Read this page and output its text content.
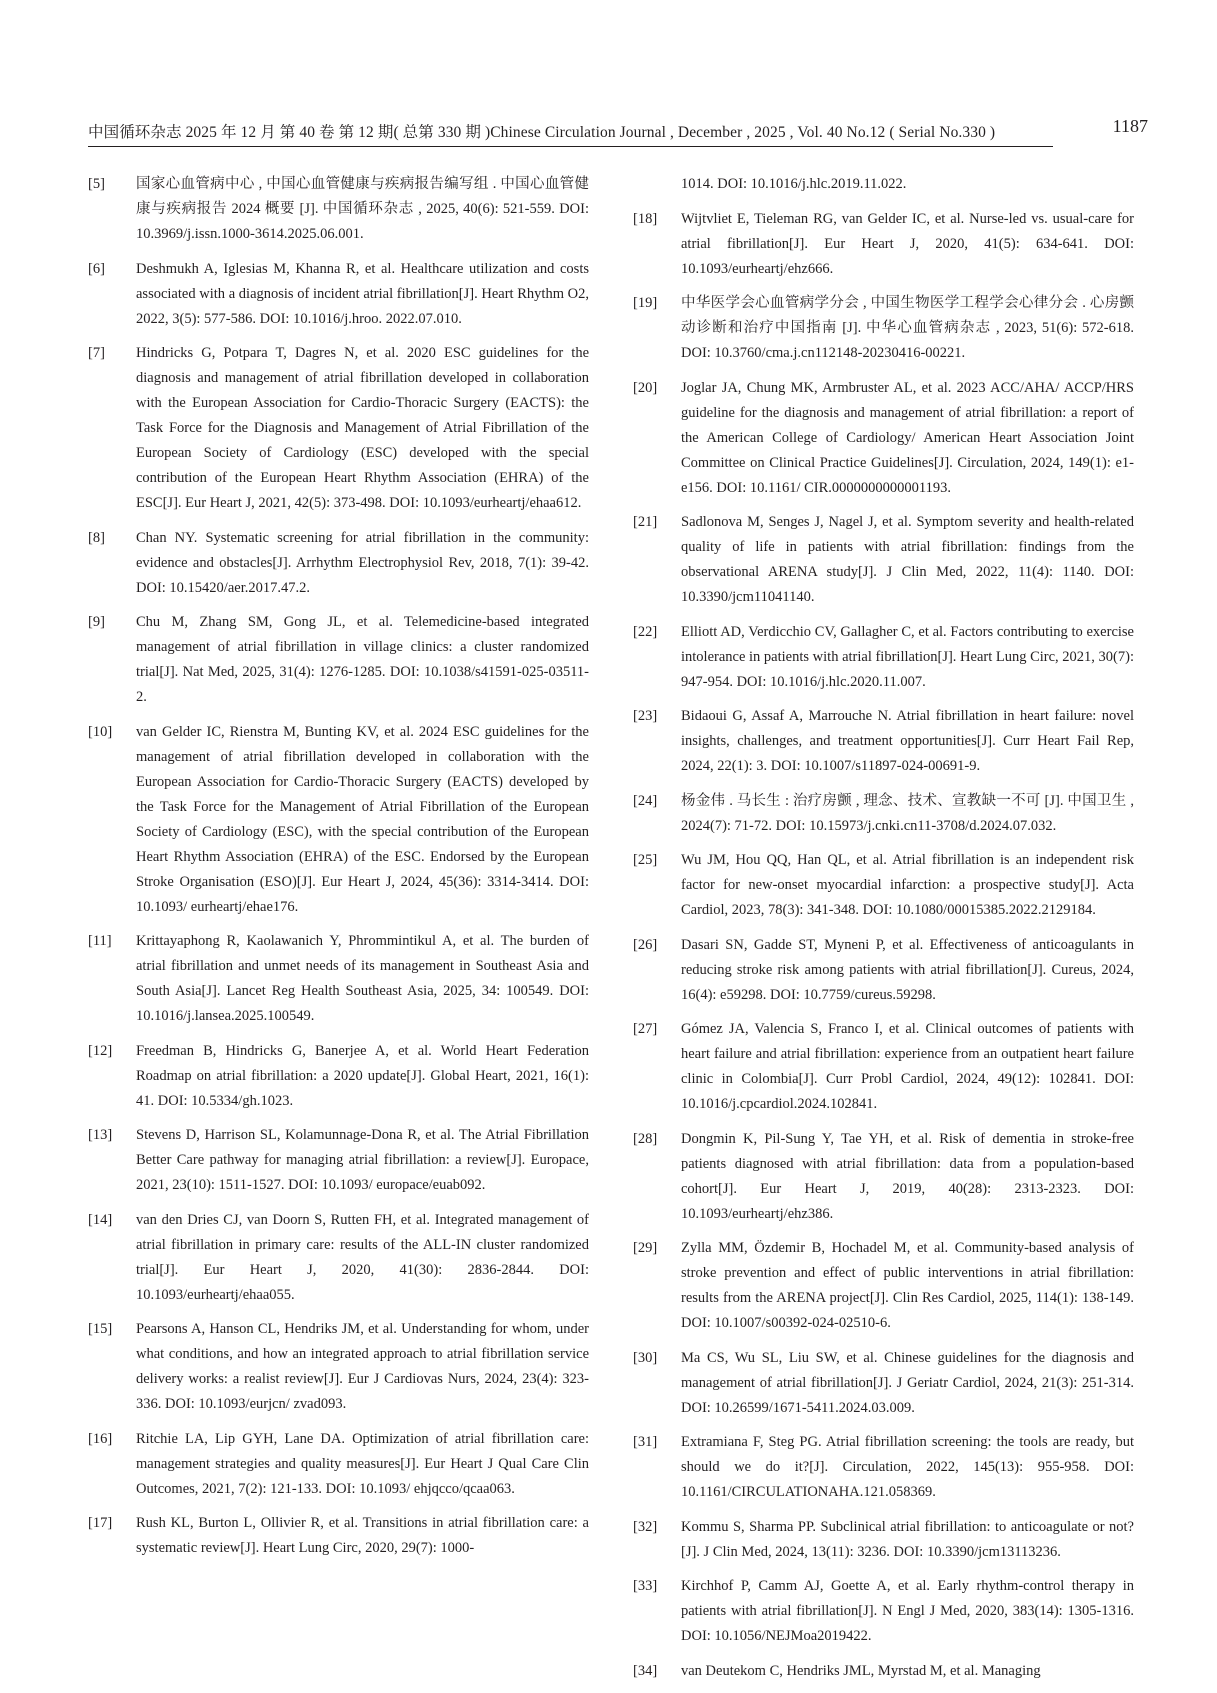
中国循环杂志 2025 年 12 月 第 40 卷 第 12 期( 总第 330 期 )Chinese Circulation Journal , December , 2025 , Vol. 40 No.12 ( Serial No.330 )	1187
[5] 国家心血管病中心 , 中国心血管健康与疾病报告编写组 . 中国心血管健康与疾病报告 2024 概要 [J]. 中国循环杂志 , 2025, 40(6): 521-559. DOI: 10.3969/j.issn.1000-3614.2025.06.001.
[6] Deshmukh A, Iglesias M, Khanna R, et al. Healthcare utilization and costs associated with a diagnosis of incident atrial fibrillation[J]. Heart Rhythm O2, 2022, 3(5): 577-586. DOI: 10.1016/j.hroo. 2022.07.010.
[7] Hindricks G, Potpara T, Dagres N, et al. 2020 ESC guidelines for the diagnosis and management of atrial fibrillation developed in collaboration with the European Association for Cardio-Thoracic Surgery (EACTS): the Task Force for the Diagnosis and Management of Atrial Fibrillation of the European Society of Cardiology (ESC) developed with the special contribution of the European Heart Rhythm Association (EHRA) of the ESC[J]. Eur Heart J, 2021, 42(5): 373-498. DOI: 10.1093/eurheartj/ehaa612.
[8] Chan NY. Systematic screening for atrial fibrillation in the community: evidence and obstacles[J]. Arrhythm Electrophysiol Rev, 2018, 7(1): 39-42. DOI: 10.15420/aer.2017.47.2.
[9] Chu M, Zhang SM, Gong JL, et al. Telemedicine-based integrated management of atrial fibrillation in village clinics: a cluster randomized trial[J]. Nat Med, 2025, 31(4): 1276-1285. DOI: 10.1038/s41591-025-03511-2.
[10] van Gelder IC, Rienstra M, Bunting KV, et al. 2024 ESC guidelines for the management of atrial fibrillation developed in collaboration with the European Association for Cardio-Thoracic Surgery (EACTS) developed by the Task Force for the Management of Atrial Fibrillation of the European Society of Cardiology (ESC), with the special contribution of the European Heart Rhythm Association (EHRA) of the ESC. Endorsed by the European Stroke Organisation (ESO)[J]. Eur Heart J, 2024, 45(36): 3314-3414. DOI: 10.1093/ eurheartj/ehae176.
[11] Krittayaphong R, Kaolawanich Y, Phrommintikul A, et al. The burden of atrial fibrillation and unmet needs of its management in Southeast Asia and South Asia[J]. Lancet Reg Health Southeast Asia, 2025, 34: 100549. DOI: 10.1016/j.lansea.2025.100549.
[12] Freedman B, Hindricks G, Banerjee A, et al. World Heart Federation Roadmap on atrial fibrillation: a 2020 update[J]. Global Heart, 2021, 16(1): 41. DOI: 10.5334/gh.1023.
[13] Stevens D, Harrison SL, Kolamunnage-Dona R, et al. The Atrial Fibrillation Better Care pathway for managing atrial fibrillation: a review[J]. Europace, 2021, 23(10): 1511-1527. DOI: 10.1093/ europace/euab092.
[14] van den Dries CJ, van Doorn S, Rutten FH, et al. Integrated management of atrial fibrillation in primary care: results of the ALL-IN cluster randomized trial[J]. Eur Heart J, 2020, 41(30): 2836-2844. DOI: 10.1093/eurheartj/ehaa055.
[15] Pearsons A, Hanson CL, Hendriks JM, et al. Understanding for whom, under what conditions, and how an integrated approach to atrial fibrillation service delivery works: a realist review[J]. Eur J Cardiovas Nurs, 2024, 23(4): 323-336. DOI: 10.1093/eurjcn/ zvad093.
[16] Ritchie LA, Lip GYH, Lane DA. Optimization of atrial fibrillation care: management strategies and quality measures[J]. Eur Heart J Qual Care Clin Outcomes, 2021, 7(2): 121-133. DOI: 10.1093/ ehjqcco/qcaa063.
[17] Rush KL, Burton L, Ollivier R, et al. Transitions in atrial fibrillation care: a systematic review[J]. Heart Lung Circ, 2020, 29(7): 1000-
1014. DOI: 10.1016/j.hlc.2019.11.022.
[18] Wijtvliet E, Tieleman RG, van Gelder IC, et al. Nurse-led vs. usual-care for atrial fibrillation[J]. Eur Heart J, 2020, 41(5): 634-641. DOI: 10.1093/eurheartj/ehz666.
[19] 中华医学会心血管病学分会 , 中国生物医学工程学会心律分会 . 心房颤动诊断和治疗中国指南 [J]. 中华心血管病杂志 , 2023, 51(6): 572-618. DOI: 10.3760/cma.j.cn112148-20230416-00221.
[20] Joglar JA, Chung MK, Armbruster AL, et al. 2023 ACC/AHA/ ACCP/HRS guideline for the diagnosis and management of atrial fibrillation: a report of the American College of Cardiology/ American Heart Association Joint Committee on Clinical Practice Guidelines[J]. Circulation, 2024, 149(1): e1-e156. DOI: 10.1161/ CIR.0000000000001193.
[21] Sadlonova M, Senges J, Nagel J, et al. Symptom severity and health-related quality of life in patients with atrial fibrillation: findings from the observational ARENA study[J]. J Clin Med, 2022, 11(4): 1140. DOI: 10.3390/jcm11041140.
[22] Elliott AD, Verdicchio CV, Gallagher C, et al. Factors contributing to exercise intolerance in patients with atrial fibrillation[J]. Heart Lung Circ, 2021, 30(7): 947-954. DOI: 10.1016/j.hlc.2020.11.007.
[23] Bidaoui G, Assaf A, Marrouche N. Atrial fibrillation in heart failure: novel insights, challenges, and treatment opportunities[J]. Curr Heart Fail Rep, 2024, 22(1): 3. DOI: 10.1007/s11897-024-00691-9.
[24] 杨金伟 . 马长生 : 治疗房颤 , 理念、技术、宣教缺一不可 [J]. 中国卫生 , 2024(7): 71-72. DOI: 10.15973/j.cnki.cn11-3708/d.2024.07.032.
[25] Wu JM, Hou QQ, Han QL, et al. Atrial fibrillation is an independent risk factor for new-onset myocardial infarction: a prospective study[J]. Acta Cardiol, 2023, 78(3): 341-348. DOI: 10.1080/00015385.2022.2129184.
[26] Dasari SN, Gadde ST, Myneni P, et al. Effectiveness of anticoagulants in reducing stroke risk among patients with atrial fibrillation[J]. Cureus, 2024, 16(4): e59298. DOI: 10.7759/cureus.59298.
[27] Gómez JA, Valencia S, Franco I, et al. Clinical outcomes of patients with heart failure and atrial fibrillation: experience from an outpatient heart failure clinic in Colombia[J]. Curr Probl Cardiol, 2024, 49(12): 102841. DOI: 10.1016/j.cpcardiol.2024.102841.
[28] Dongmin K, Pil-Sung Y, Tae YH, et al. Risk of dementia in stroke-free patients diagnosed with atrial fibrillation: data from a population-based cohort[J]. Eur Heart J, 2019, 40(28): 2313-2323. DOI: 10.1093/eurheartj/ehz386.
[29] Zylla MM, Özdemir B, Hochadel M, et al. Community-based analysis of stroke prevention and effect of public interventions in atrial fibrillation: results from the ARENA project[J]. Clin Res Cardiol, 2025, 114(1): 138-149. DOI: 10.1007/s00392-024-02510-6.
[30] Ma CS, Wu SL, Liu SW, et al. Chinese guidelines for the diagnosis and management of atrial fibrillation[J]. J Geriatr Cardiol, 2024, 21(3): 251-314. DOI: 10.26599/1671-5411.2024.03.009.
[31] Extramiana F, Steg PG. Atrial fibrillation screening: the tools are ready, but should we do it?[J]. Circulation, 2022, 145(13): 955-958. DOI: 10.1161/CIRCULATIONAHA.121.058369.
[32] Kommu S, Sharma PP. Subclinical atrial fibrillation: to anticoagulate or not?[J]. J Clin Med, 2024, 13(11): 3236. DOI: 10.3390/jcm13113236.
[33] Kirchhof P, Camm AJ, Goette A, et al. Early rhythm-control therapy in patients with atrial fibrillation[J]. N Engl J Med, 2020, 383(14): 1305-1316. DOI: 10.1056/NEJMoa2019422.
[34] van Deutekom C, Hendriks JML, Myrstad M, et al. Managing
